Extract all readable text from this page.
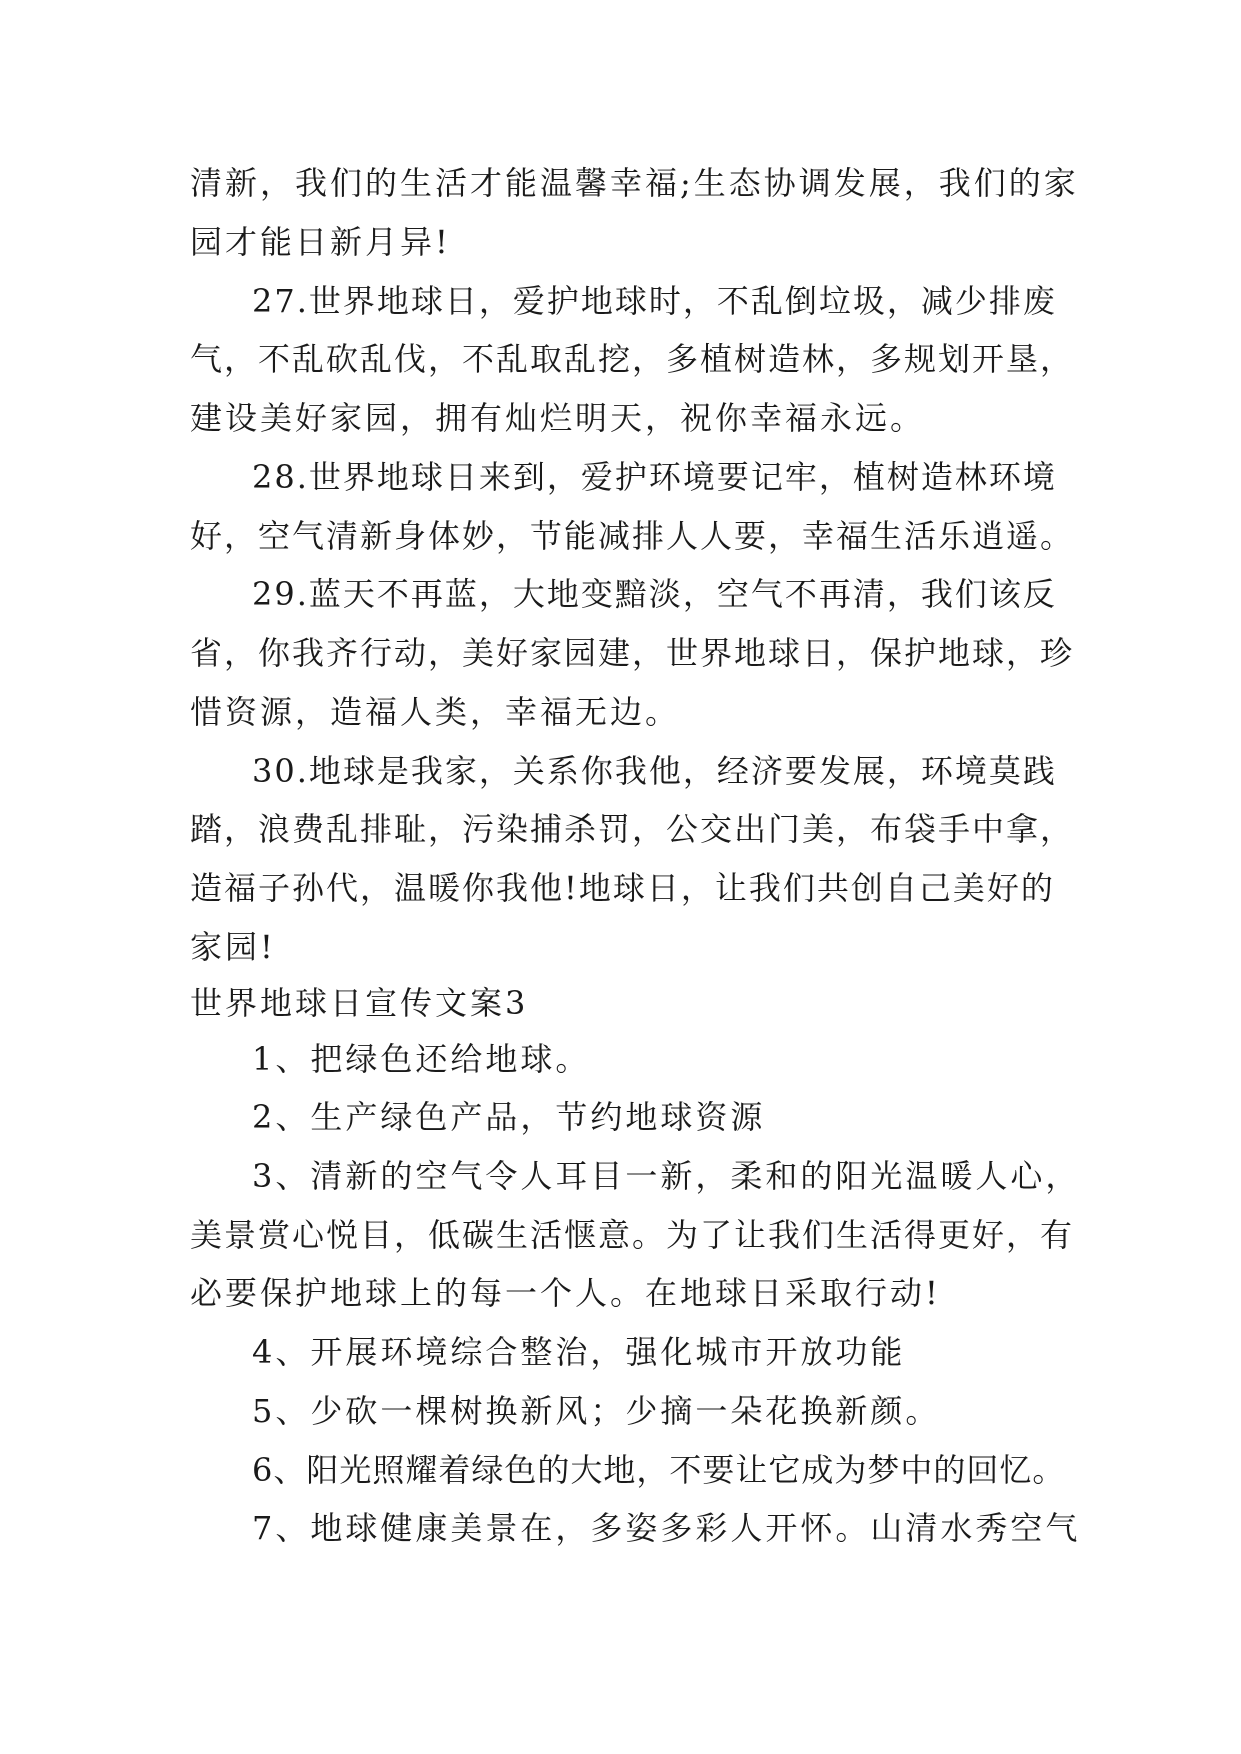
清新，我们的生活才能温馨幸福;生态协调发展，我们的家
园才能日新月异!
27.世界地球日，爱护地球时，不乱倒垃圾，减少排废
气，不乱砍乱伐，不乱取乱挖，多植树造林，多规划开垦，
建设美好家园，拥有灿烂明天，祝你幸福永远。
28.世界地球日来到，爱护环境要记牢，植树造林环境
好，空气清新身体妙，节能减排人人要，幸福生活乐逍遥。
29.蓝天不再蓝，大地变黯淡，空气不再清，我们该反
省，你我齐行动，美好家园建，世界地球日，保护地球，珍
惜资源，造福人类，幸福无边。
30.地球是我家，关系你我他，经济要发展，环境莫践
踏，浪费乱排耻，污染捕杀罚，公交出门美，布袋手中拿，
造福子孙代，温暖你我他!地球日，让我们共创自己美好的
家园!
世界地球日宣传文案3
1、把绿色还给地球。
2、生产绿色产品，节约地球资源
3、清新的空气令人耳目一新，柔和的阳光温暖人心，
美景赏心悦目，低碳生活惬意。为了让我们生活得更好，有
必要保护地球上的每一个人。在地球日采取行动!
4、开展环境综合整治，强化城市开放功能
5、少砍一棵树换新风；少摘一朵花换新颜。
6、阳光照耀着绿色的大地，不要让它成为梦中的回忆。
7、地球健康美景在，多姿多彩人开怀。山清水秀空气
